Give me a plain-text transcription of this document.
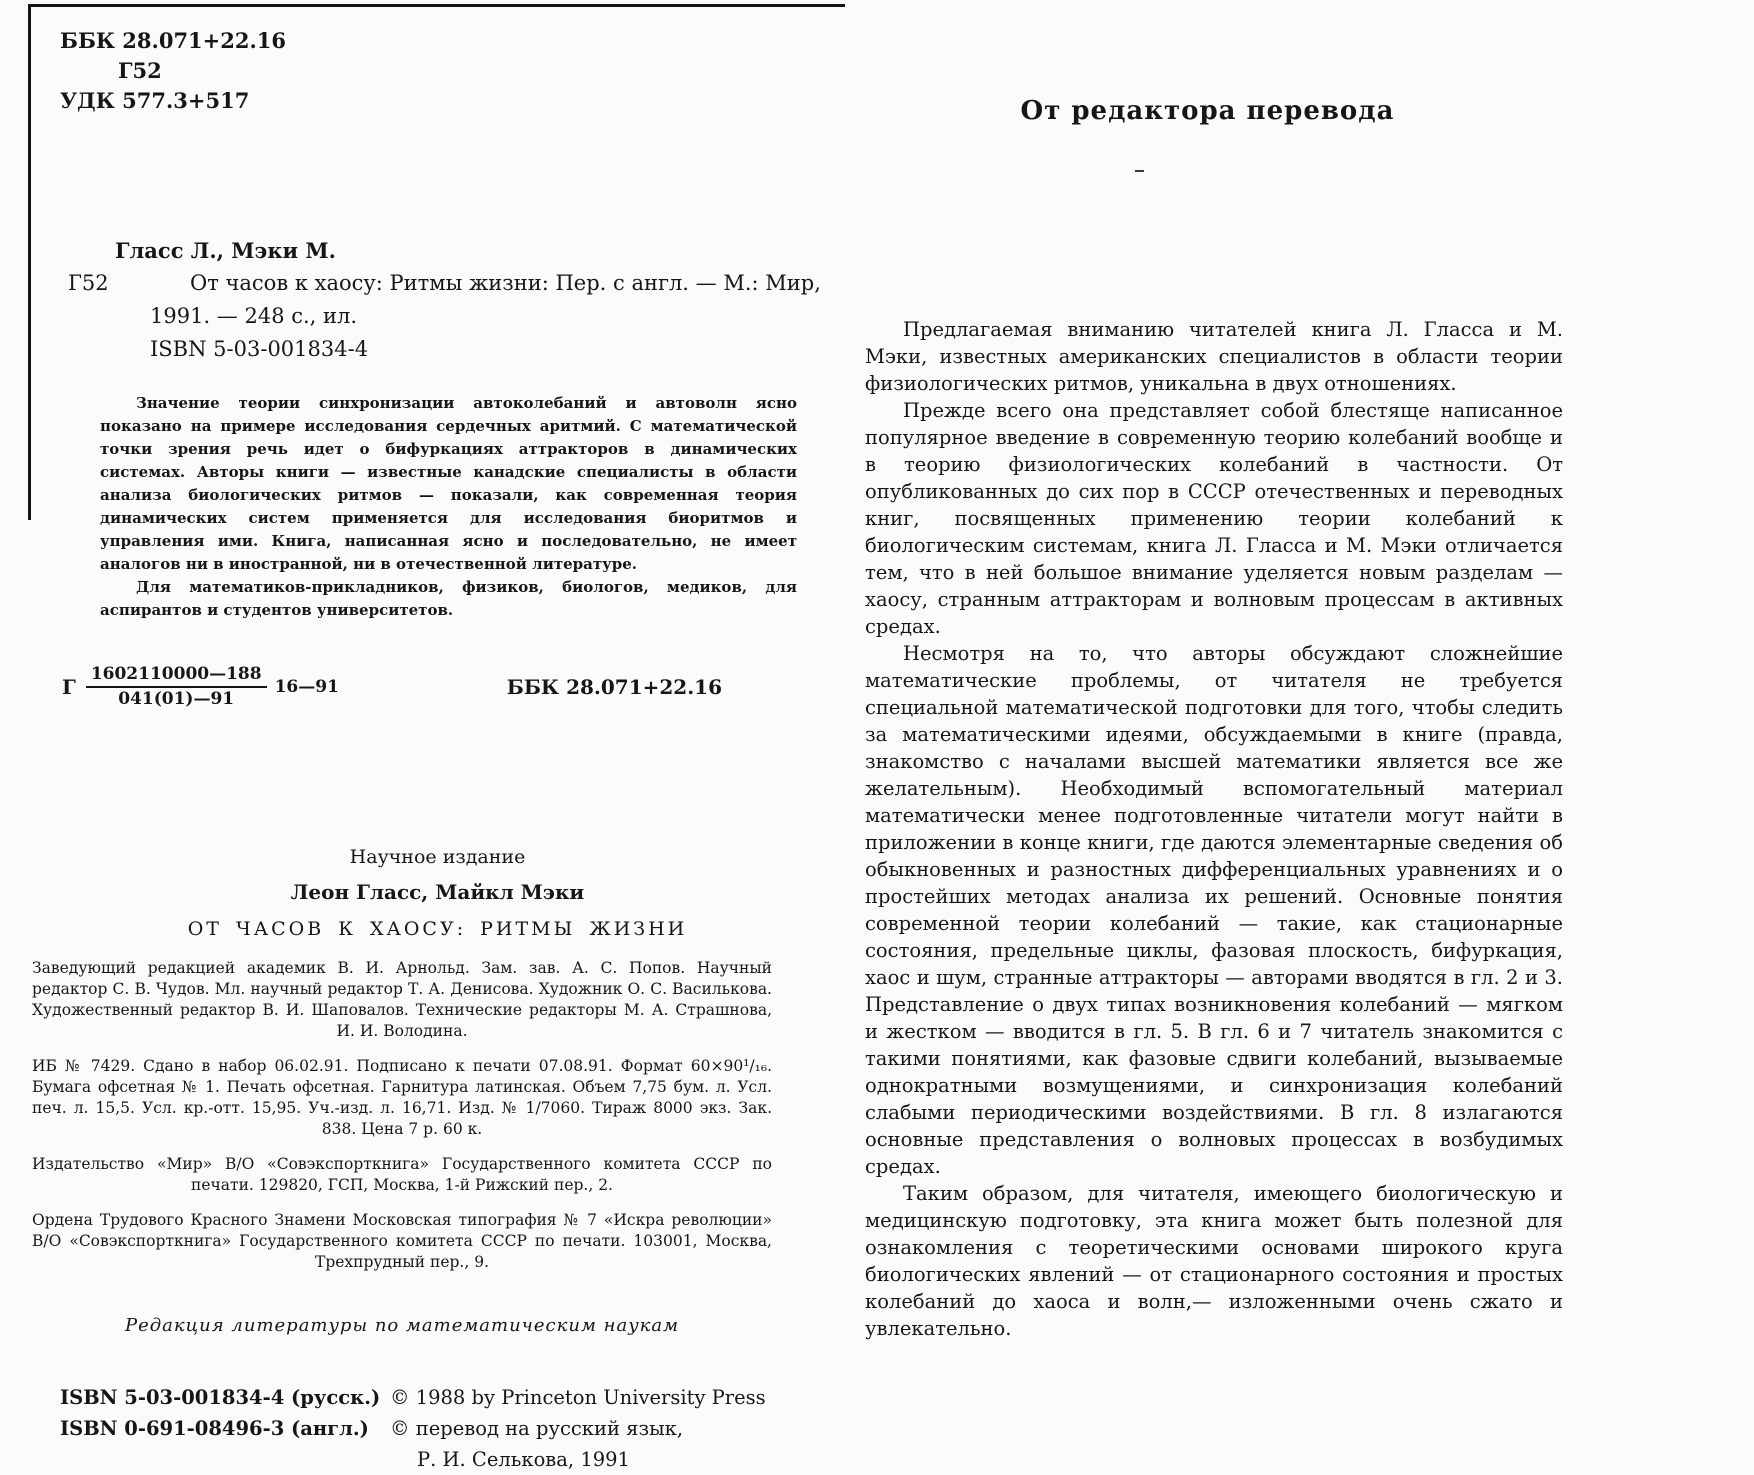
ББК 28.071+22.16
Г52
УДК 577.3+517
Гласс Л., Мэки М.
Г52	От часов к хаосу: Ритмы жизни: Пер. с англ. — М.: Мир,
1991. — 248 с., ил.
ISBN 5-03-001834-4

Значение теории синхронизации автоколебаний и автоволн ясно показано на примере исследования сердечных аритмий. С математической точки зрения речь идет о бифуркациях аттракторов в динамических системах. Авторы книги — известные канадские специалисты в области анализа биологических ритмов — показали, как современная теория динамических систем применяется для исследования биоритмов и управления ими. Книга, написанная ясно и последовательно, не имеет аналогов ни в иностранной, ни в отечественной литературе.

Для математиков-прикладников, физиков, биологов, медиков, для аспирантов и студентов университетов.

Г $\frac{1602110000—188}{041(01)—91}$ 16—91	ББК 28.071+22.16
Научное издание
Леон Гласс, Майкл Мэки
ОТ ЧАСОВ К ХАОСУ: РИТМЫ ЖИЗНИ

Заведующий редакцией академик В. И. Арнольд. Зам. зав. А. С. Попов. Научный редактор С. В. Чудов. Мл. научный редактор Т. А. Денисова. Художник О. С. Василькова. Художественный редактор В. И. Шаповалов. Технические редакторы М. А. Страшнова, И. И. Володина.

ИБ № 7429. Сдано в набор 06.02.91. Подписано к печати 07.08.91. Формат 60×90¹/₁₆. Бумага офсетная № 1. Печать офсетная. Гарнитура латинская. Объем 7,75 бум. л. Усл. печ. л. 15,5. Усл. кр.-отт. 15,95. Уч.-изд. л. 16,71. Изд. № 1/7060. Тираж 8000 экз. Зак. 838. Цена 7 р. 60 к.

Издательство «Мир» В/О «Совэкспорткнига» Государственного комитета СССР по печати. 129820, ГСП, Москва, 1-й Рижский пер., 2.

Ордена Трудового Красного Знамени Московская типография № 7 «Искра революции» В/О «Совэкспорткнига» Государственного комитета СССР по печати. 103001, Москва, Трехпрудный пер., 9.

Редакция литературы по математическим наукам
ISBN 5-03-001834-4 (русск.)
ISBN 0-691-08496-3 (англ.)
© 1988 by Princeton University Press
© перевод на русский язык,
Р. И. Селькова, 1991
От редактора перевода

Предлагаемая вниманию читателей книга Л. Гласса и М. Мэки, известных американских специалистов в области теории физиологических ритмов, уникальна в двух отношениях.

Прежде всего она представляет собой блестяще написанное популярное введение в современную теорию колебаний вообще и в теорию физиологических колебаний в частности. От опубликованных до сих пор в СССР отечественных и переводных книг, посвященных применению теории колебаний к биологическим системам, книга Л. Гласса и М. Мэки отличается тем, что в ней большое внимание уделяется новым разделам — хаосу, странным аттракторам и волновым процессам в активных средах.

Несмотря на то, что авторы обсуждают сложнейшие математические проблемы, от читателя не требуется специальной математической подготовки для того, чтобы следить за математическими идеями, обсуждаемыми в книге (правда, знакомство с началами высшей математики является все же желательным). Необходимый вспомогательный материал математически менее подготовленные читатели могут найти в приложении в конце книги, где даются элементарные сведения об обыкновенных и разностных дифференциальных уравнениях и о простейших методах анализа их решений. Основные понятия современной теории колебаний — такие, как стационарные состояния, предельные циклы, фазовая плоскость, бифуркация, хаос и шум, странные аттракторы — авторами вводятся в гл. 2 и 3. Представление о двух типах возникновения колебаний — мягком и жестком — вводится в гл. 5. В гл. 6 и 7 читатель знакомится с такими понятиями, как фазовые сдвиги колебаний, вызываемые однократными возмущениями, и синхронизация колебаний слабыми периодическими воздействиями. В гл. 8 излагаются основные представления о волновых процессах в возбудимых средах.

Таким образом, для читателя, имеющего биологическую и медицинскую подготовку, эта книга может быть полезной для ознакомления с теоретическими основами широкого круга биологических явлений — от стационарного состояния и простых колебаний до хаоса и волн,— изложенными очень сжато и увлекательно.
